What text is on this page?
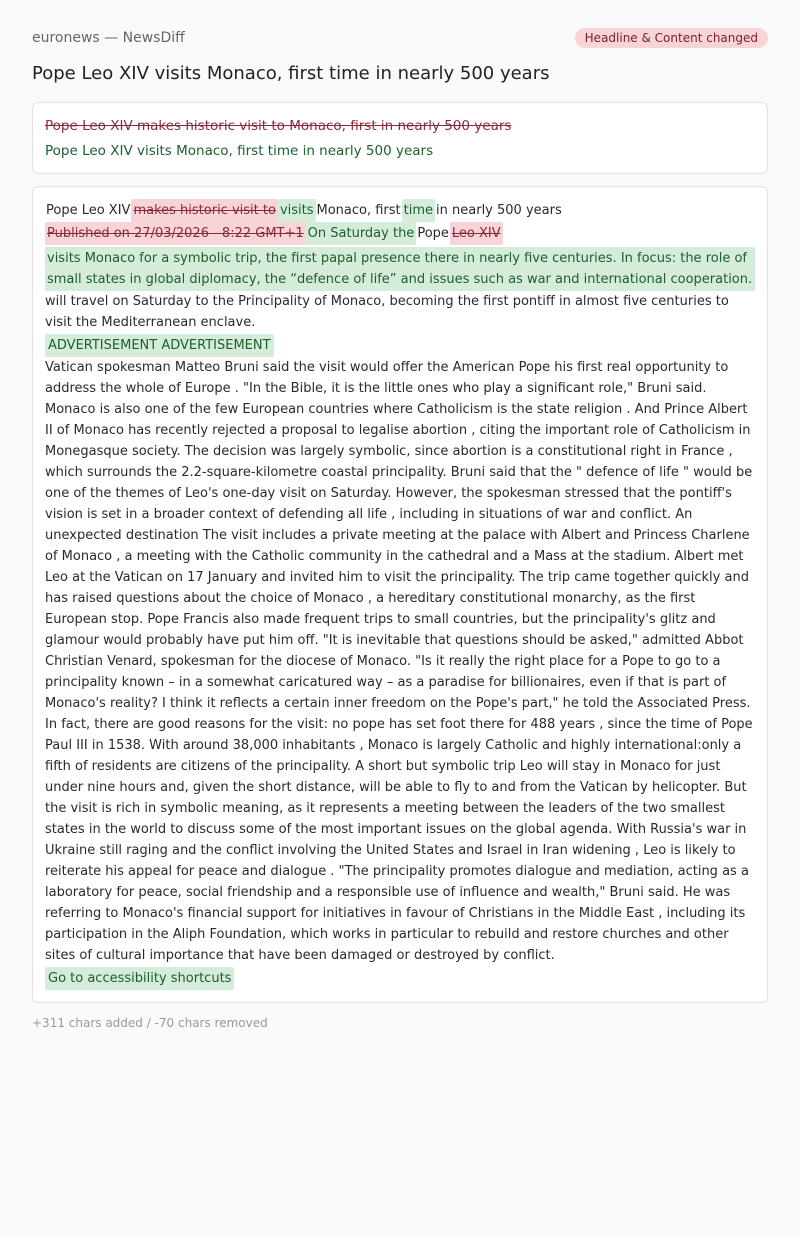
euronews — NewsDiff	Headline & Content changed
Pope Leo XIV visits Monaco, first time in nearly 500 years
Pope Leo XIV makes historic visit to Monaco, first in nearly 500 years
Pope Leo XIV visits Monaco, first time in nearly 500 years
Pope Leo XIV makes historic visit to visits Monaco, first time in nearly 500 years
Published on 27/03/2026 - 8:22 GMT+1 On Saturday the Pope Leo XIV
visits Monaco for a symbolic trip, the first papal presence there in nearly five centuries. In focus: the role of small states in global diplomacy, the “defence of life” and issues such as war and international cooperation.
will travel on Saturday to the Principality of Monaco, becoming the first pontiff in almost five centuries to visit the Mediterranean enclave.
ADVERTISEMENT ADVERTISEMENT
Vatican spokesman Matteo Bruni said the visit would offer the American Pope his first real opportunity to address the whole of Europe . "In the Bible, it is the little ones who play a significant role," Bruni said. Monaco is also one of the few European countries where Catholicism is the state religion . And Prince Albert II of Monaco has recently rejected a proposal to legalise abortion , citing the important role of Catholicism in Monegasque society. The decision was largely symbolic, since abortion is a constitutional right in France , which surrounds the 2.2-square-kilometre coastal principality. Bruni said that the " defence of life " would be one of the themes of Leo's one-day visit on Saturday. However, the spokesman stressed that the pontiff's vision is set in a broader context of defending all life , including in situations of war and conflict. An unexpected destination The visit includes a private meeting at the palace with Albert and Princess Charlene of Monaco , a meeting with the Catholic community in the cathedral and a Mass at the stadium. Albert met Leo at the Vatican on 17 January and invited him to visit the principality. The trip came together quickly and has raised questions about the choice of Monaco , a hereditary constitutional monarchy, as the first European stop. Pope Francis also made frequent trips to small countries, but the principality's glitz and glamour would probably have put him off. "It is inevitable that questions should be asked," admitted Abbot Christian Venard, spokesman for the diocese of Monaco. "Is it really the right place for a Pope to go to a principality known – in a somewhat caricatured way – as a paradise for billionaires, even if that is part of Monaco's reality? I think it reflects a certain inner freedom on the Pope's part," he told the Associated Press. In fact, there are good reasons for the visit: no pope has set foot there for 488 years , since the time of Pope Paul III in 1538. With around 38,000 inhabitants , Monaco is largely Catholic and highly international:only a fifth of residents are citizens of the principality. A short but symbolic trip Leo will stay in Monaco for just under nine hours and, given the short distance, will be able to fly to and from the Vatican by helicopter. But the visit is rich in symbolic meaning, as it represents a meeting between the leaders of the two smallest states in the world to discuss some of the most important issues on the global agenda. With Russia's war in Ukraine still raging and the conflict involving the United States and Israel in Iran widening , Leo is likely to reiterate his appeal for peace and dialogue . "The principality promotes dialogue and mediation, acting as a laboratory for peace, social friendship and a responsible use of influence and wealth," Bruni said. He was referring to Monaco's financial support for initiatives in favour of Christians in the Middle East , including its participation in the Aliph Foundation, which works in particular to rebuild and restore churches and other sites of cultural importance that have been damaged or destroyed by conflict.
Go to accessibility shortcuts
+311 chars added / -70 chars removed
